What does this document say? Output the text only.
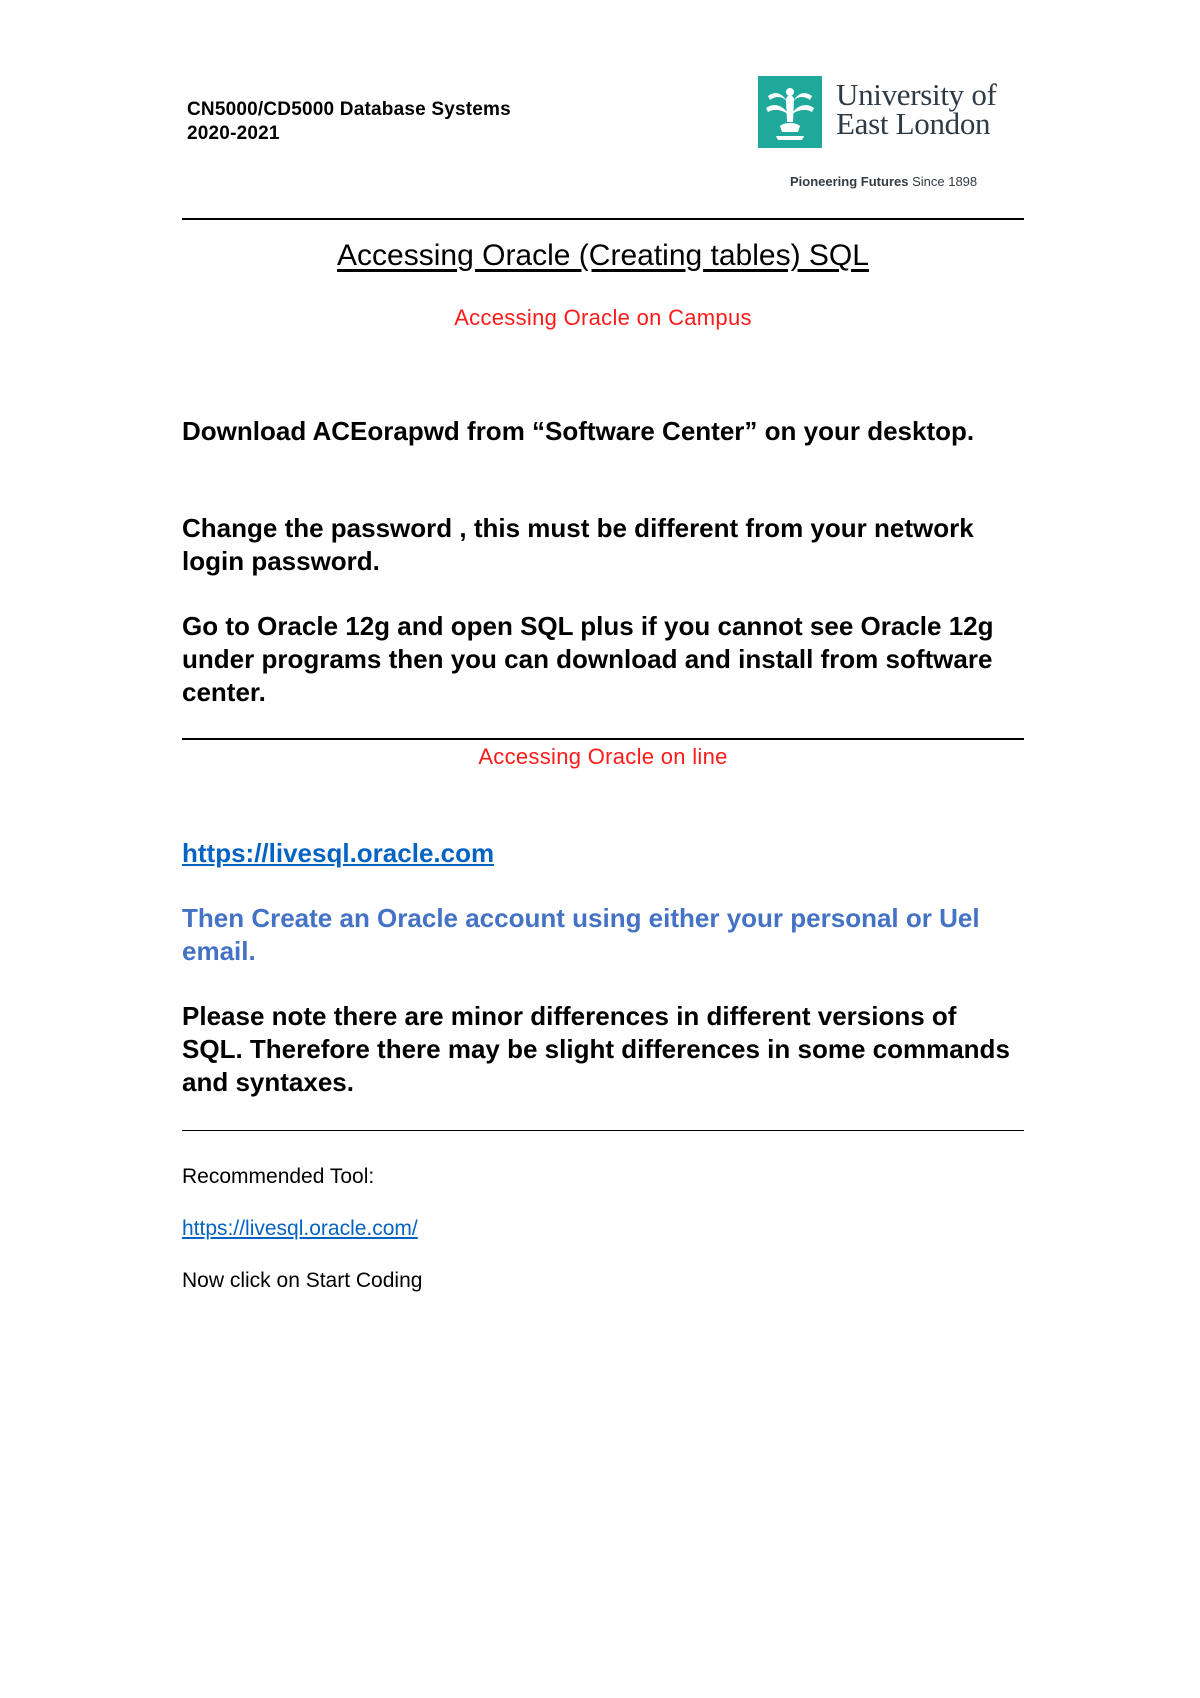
CN5000/CD5000 Database Systems
2020-2021
University of
East London
Pioneering Futures Since 1898
Accessing Oracle (Creating tables) SQL
Accessing Oracle on Campus
Download ACEorapwd from “Software Center” on your desktop.
Change the password , this must be different from your network login password.
Go to Oracle 12g and open SQL plus if you cannot see Oracle 12g under programs then you can download and install from software center.
Accessing Oracle on line
https://livesql.oracle.com
Then Create an Oracle account using either your personal or Uel email.
Please note there are minor differences in different versions of SQL. Therefore there may be slight differences in some commands and syntaxes.
Recommended Tool:
https://livesql.oracle.com/
Now click on Start Coding
